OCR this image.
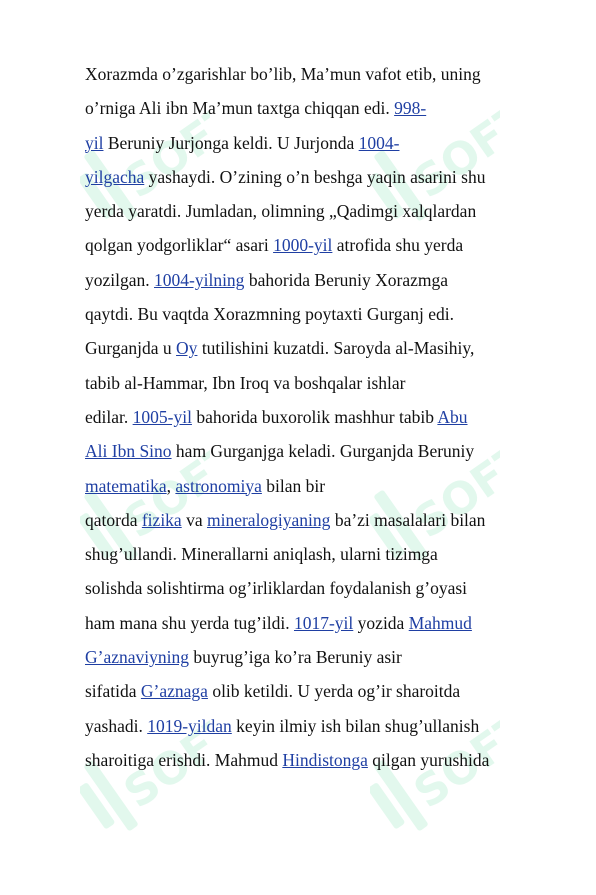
SOFT	SOFT
SOFT	SOFT
SOFT	SOFT
Xorazmda o’zgarishlar bo’lib, Ma’mun vafot etib, uning
o’rniga Ali ibn Ma’mun taxtga chiqqan edi. 998-
yil Beruniy Jurjonga keldi. U Jurjonda 1004-
yilgacha yashaydi. O’zining o’n beshga yaqin asarini shu
yerda yaratdi. Jumladan, olimning „Qadimgi xalqlardan
qolgan yodgorliklar“ asari 1000-yil atrofida shu yerda
yozilgan. 1004-yilning bahorida Beruniy Xorazmga
qaytdi. Bu vaqtda Xorazmning poytaxti Gurganj edi.
Gurganjda u Oy tutilishini kuzatdi. Saroyda al-Masihiy,
tabib al-Hammar, Ibn Iroq va boshqalar ishlar
edilar. 1005-yil bahorida buxorolik mashhur tabib Abu
Ali Ibn Sino ham Gurganjga keladi. Gurganjda Beruniy
matematika, astronomiya bilan bir
qatorda fizika va mineralogiyaning ba’zi masalalari bilan
shug’ullandi. Minerallarni aniqlash, ularni tizimga
solishda solishtirma og’irliklardan foydalanish g’oyasi
ham mana shu yerda tug’ildi. 1017-yil yozida Mahmud
G’aznaviyning buyrug’iga ko’ra Beruniy asir
sifatida G’aznaga olib ketildi. U yerda og’ir sharoitda
yashadi. 1019-yildan keyin ilmiy ish bilan shug’ullanish
sharoitiga erishdi. Mahmud Hindistonga qilgan yurushida
